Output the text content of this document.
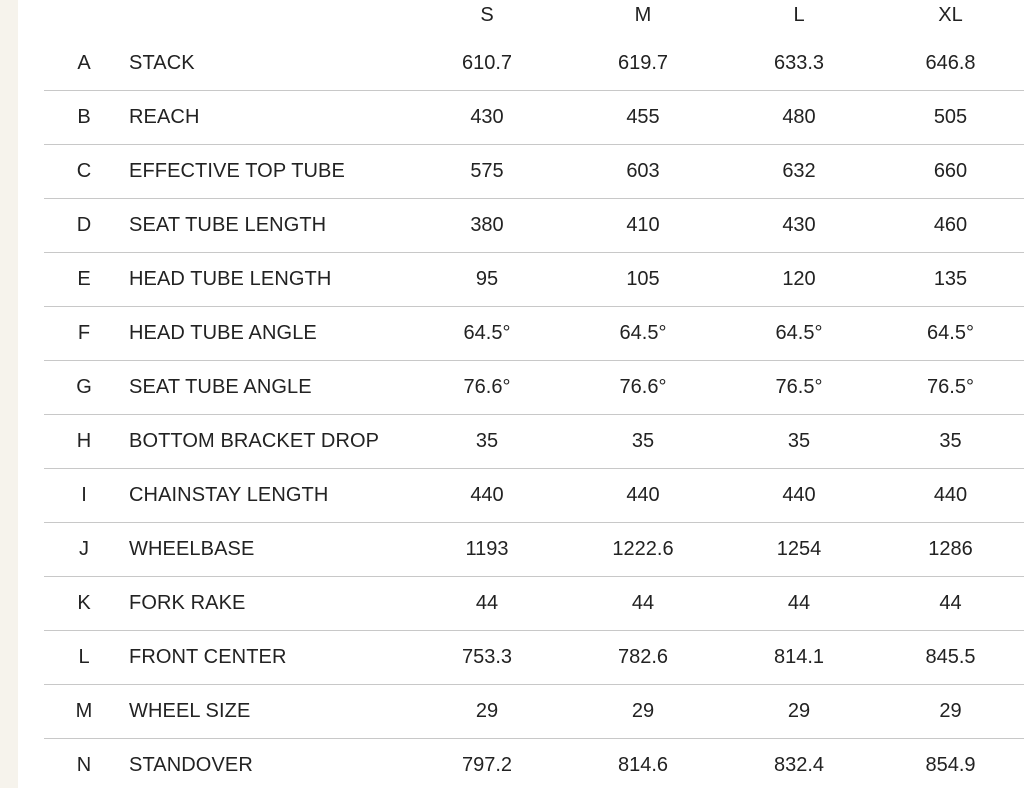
		S	M	L	XL
A	STACK	610.7	619.7	633.3	646.8
B	REACH	430	455	480	505
C	EFFECTIVE TOP TUBE	575	603	632	660
D	SEAT TUBE LENGTH	380	410	430	460
E	HEAD TUBE LENGTH	95	105	120	135
F	HEAD TUBE ANGLE	64.5°	64.5°	64.5°	64.5°
G	SEAT TUBE ANGLE	76.6°	76.6°	76.5°	76.5°
H	BOTTOM BRACKET DROP	35	35	35	35
I	CHAINSTAY LENGTH	440	440	440	440
J	WHEELBASE	1193	1222.6	1254	1286
K	FORK RAKE	44	44	44	44
L	FRONT CENTER	753.3	782.6	814.1	845.5
M	WHEEL SIZE	29	29	29	29
N	STANDOVER	797.2	814.6	832.4	854.9
